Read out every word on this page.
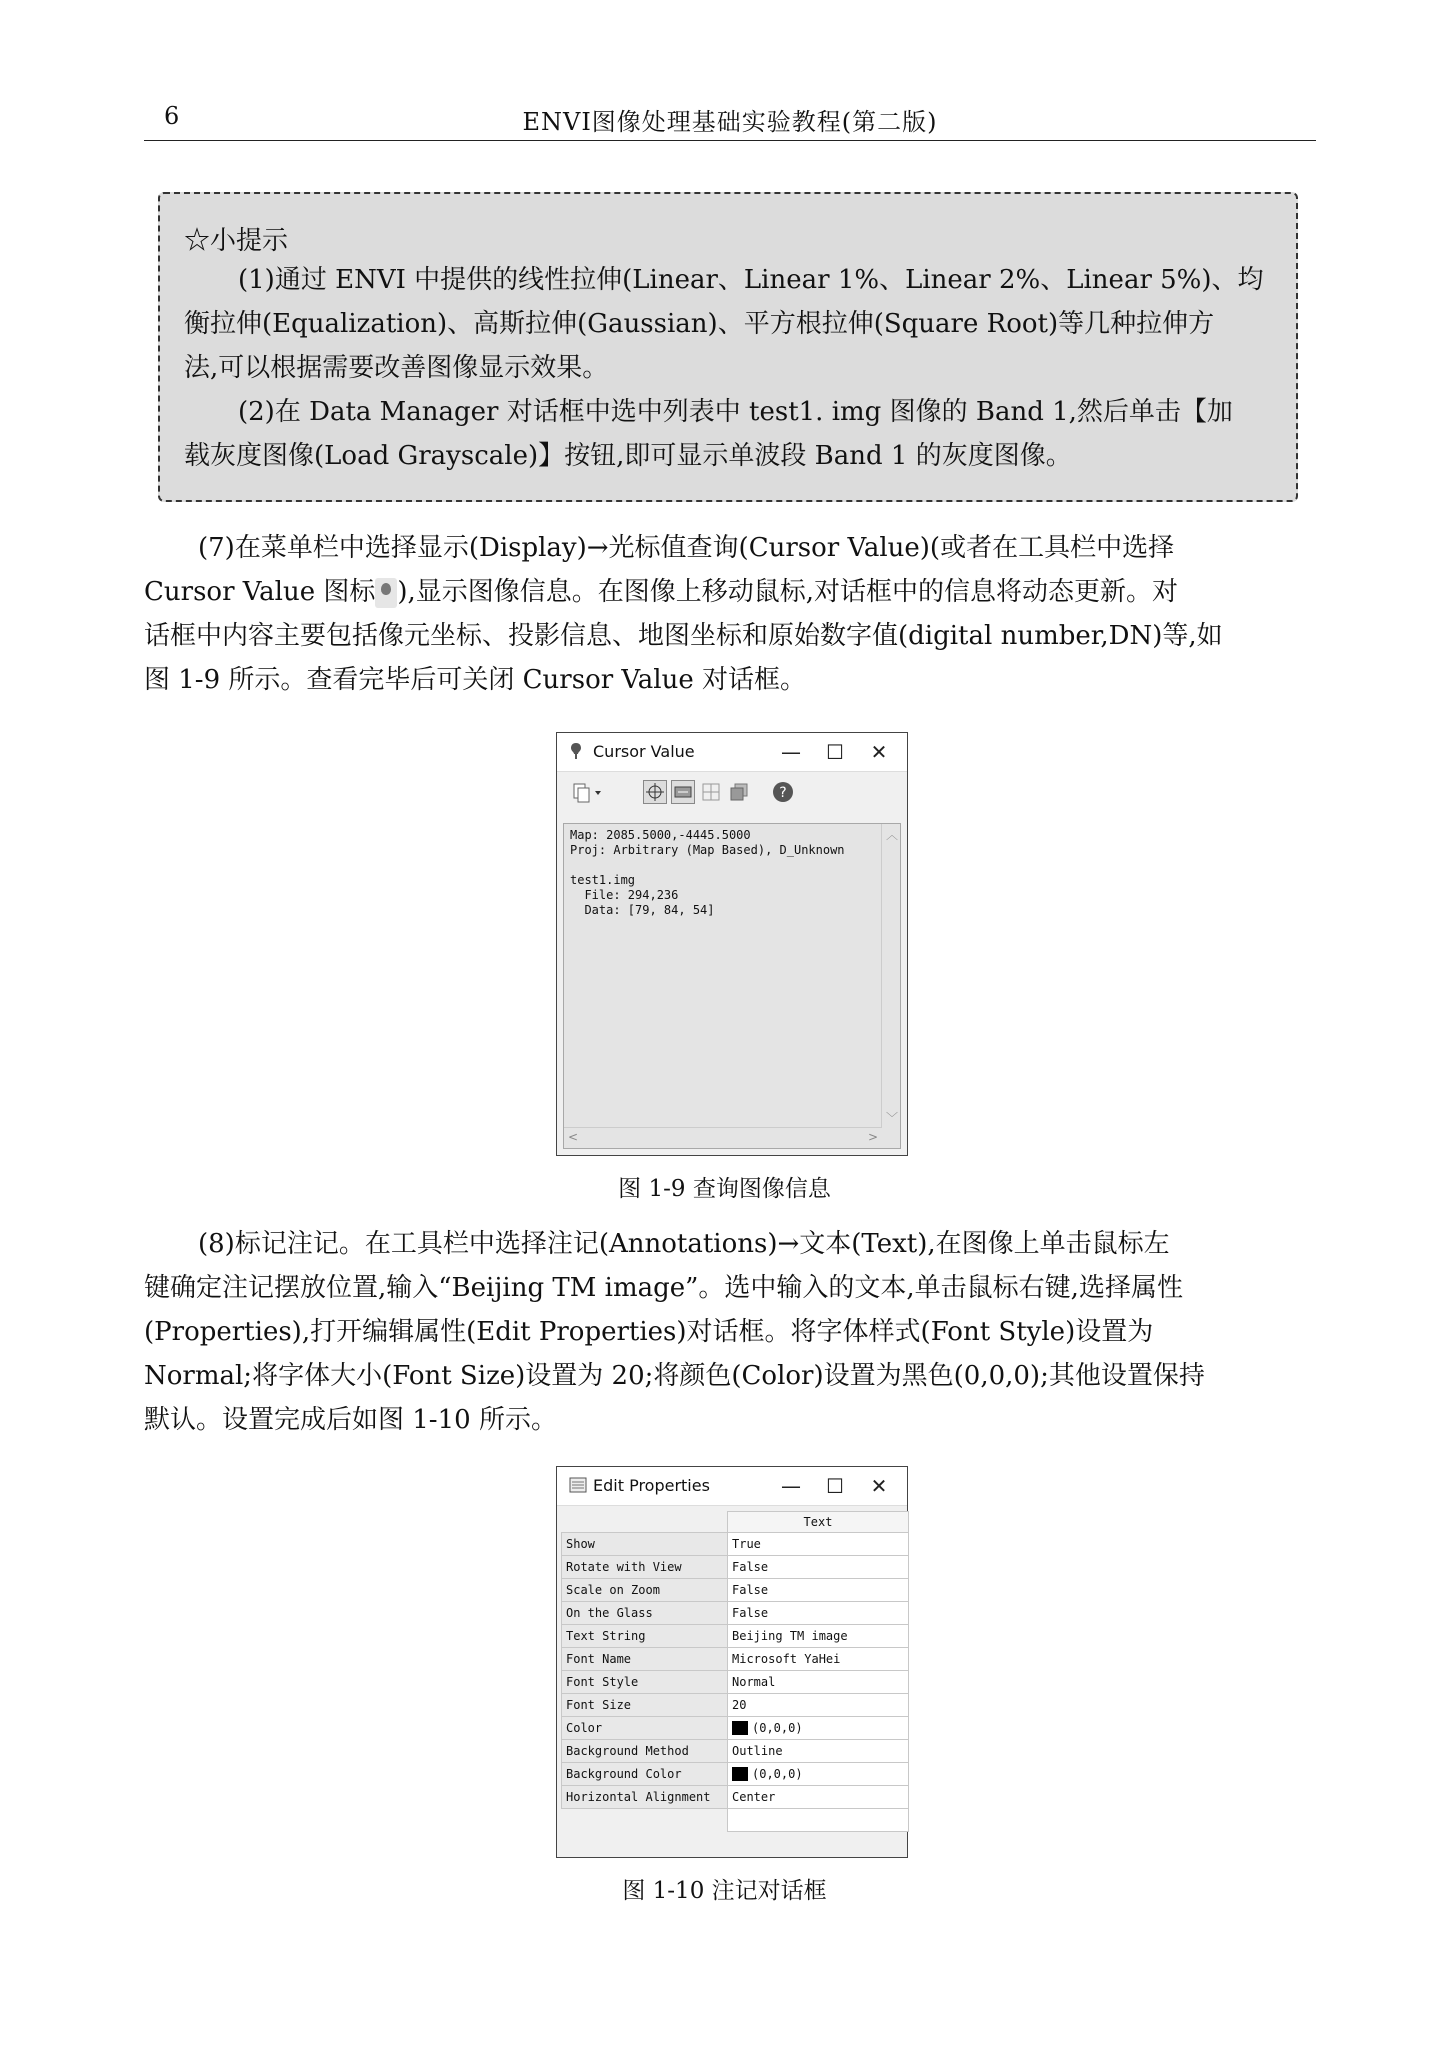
6	ENVI图像处理基础实验教程(第二版)
☆小提示
(1)通过 ENVI 中提供的线性拉伸(Linear、Linear 1%、Linear 2%、Linear 5%)、均
衡拉伸(Equalization)、高斯拉伸(Gaussian)、平方根拉伸(Square Root)等几种拉伸方
法,可以根据需要改善图像显示效果。
(2)在 Data Manager 对话框中选中列表中 test1. img 图像的 Band 1,然后单击【加
载灰度图像(Load Grayscale)】按钮,即可显示单波段 Band 1 的灰度图像。
(7)在菜单栏中选择显示(Display)→光标值查询(Cursor Value)(或者在工具栏中选择
Cursor Value 图标 ),显示图像信息。在图像上移动鼠标,对话框中的信息将动态更新。对
话框中内容主要包括像元坐标、投影信息、地图坐标和原始数字值(digital number,DN)等,如
图 1-9 所示。查看完毕后可关闭 Cursor Value 对话框。
Cursor Value	—	☐	✕
?
Map: 2085.5000,-4445.5000
Proj: Arbitrary (Map Based), D_Unknown

test1.img
File: 294,236
Data: [79, 84, 54]
︿
﹀
<	>
图 1-9 查询图像信息
(8)标记注记。在工具栏中选择注记(Annotations)→文本(Text),在图像上单击鼠标左
键确定注记摆放位置,输入“Beijing TM image”。选中输入的文本,单击鼠标右键,选择属性
(Properties),打开编辑属性(Edit Properties)对话框。将字体样式(Font Style)设置为
Normal;将字体大小(Font Size)设置为 20;将颜色(Color)设置为黑色(0,0,0);其他设置保持
默认。设置完成后如图 1-10 所示。
Edit Properties	—	☐	✕
	Text
Show	True
Rotate with View	False
Scale on Zoom	False
On the Glass	False
Text String	Beijing TM image
Font Name	Microsoft YaHei
Font Style	Normal
Font Size	20
Color	(0,0,0)
Background Method	Outline
Background Color	(0,0,0)
Horizontal Alignment	Center

图 1-10 注记对话框
